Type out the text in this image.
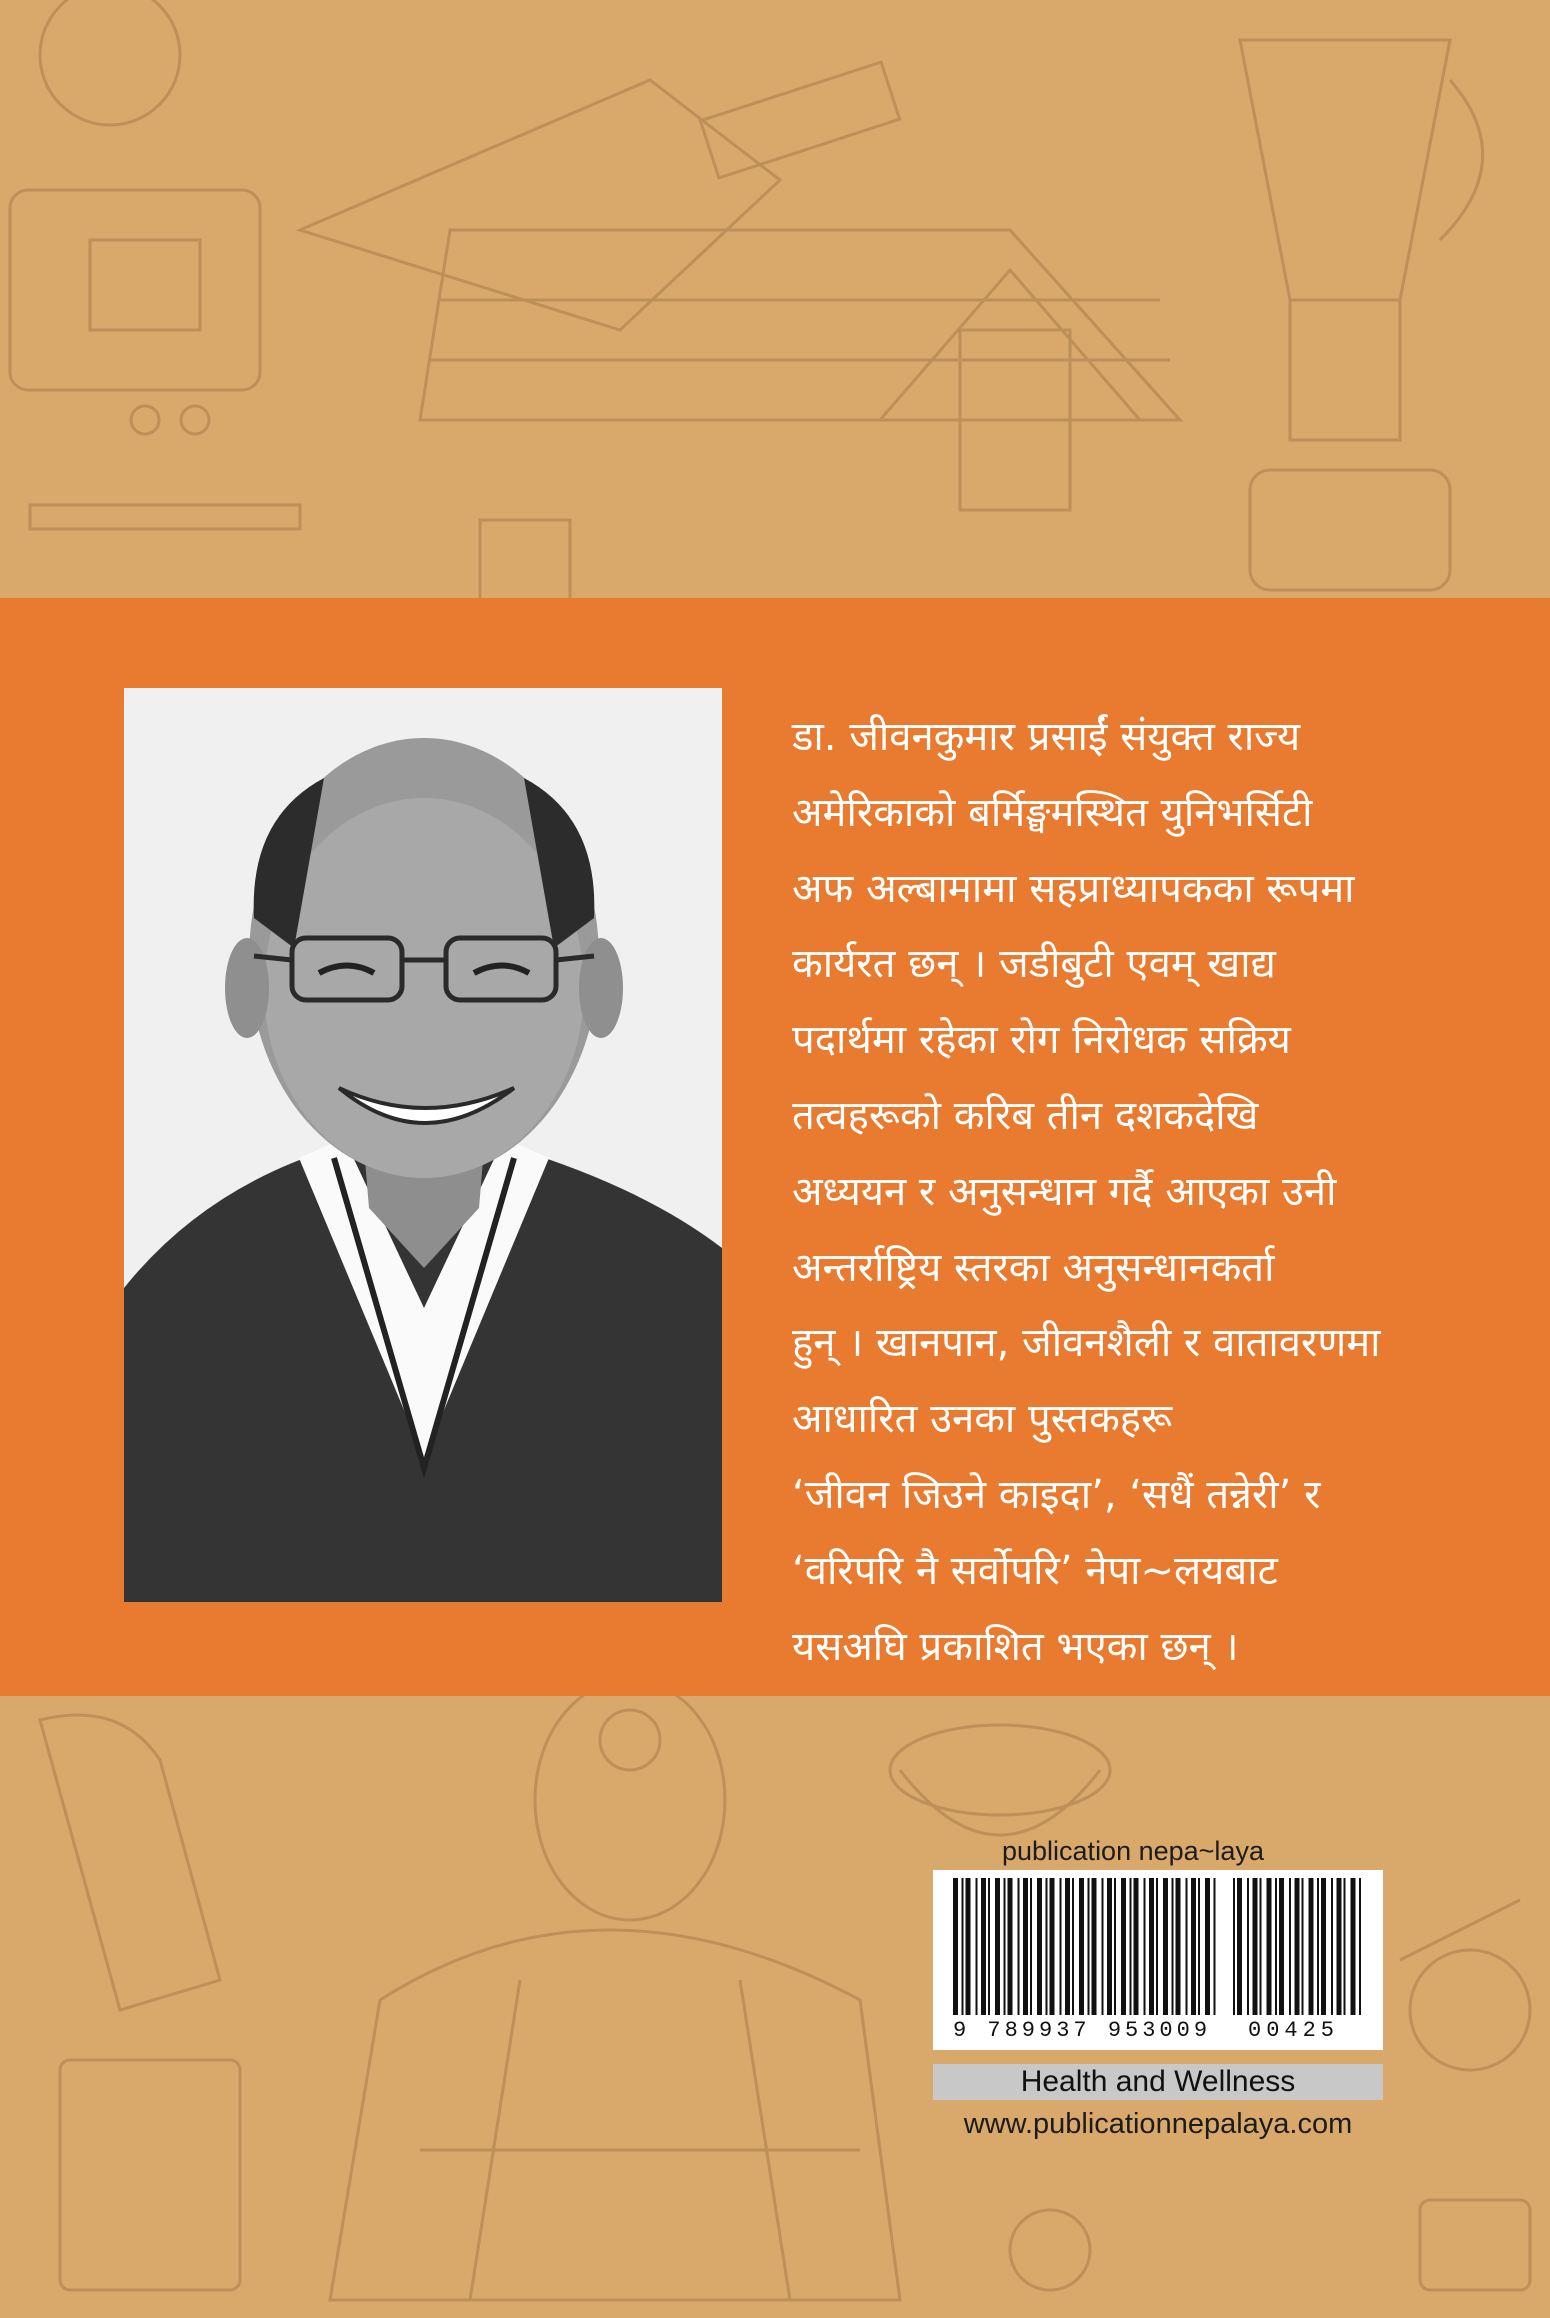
डा. जीवनकुमार प्रसाईं संयुक्त राज्य
अमेरिकाको बर्मिङ्घमस्थित युनिभर्सिटी
अफ अल्बामामा सहप्राध्यापकका रूपमा
कार्यरत छन् । जडीबुटी एवम् खाद्य
पदार्थमा रहेका रोग निरोधक सक्रिय
तत्वहरूको करिब तीन दशकदेखि
अध्ययन र अनुसन्धान गर्दै आएका उनी
अन्तर्राष्ट्रिय स्तरका अनुसन्धानकर्ता
हुन् । खानपान, जीवनशैली र वातावरणमा
आधारित उनका पुस्तकहरू
‘जीवन जिउने काइदा’, ‘सधैं तन्नेरी’ र
‘वरिपरि नै सर्वोपरि’ नेपा~लयबाट
यसअघि प्रकाशित भएका छन् ।
publication nepa~laya
9 789937 953009 00425
Health and Wellness
www.publicationnepalaya.com
